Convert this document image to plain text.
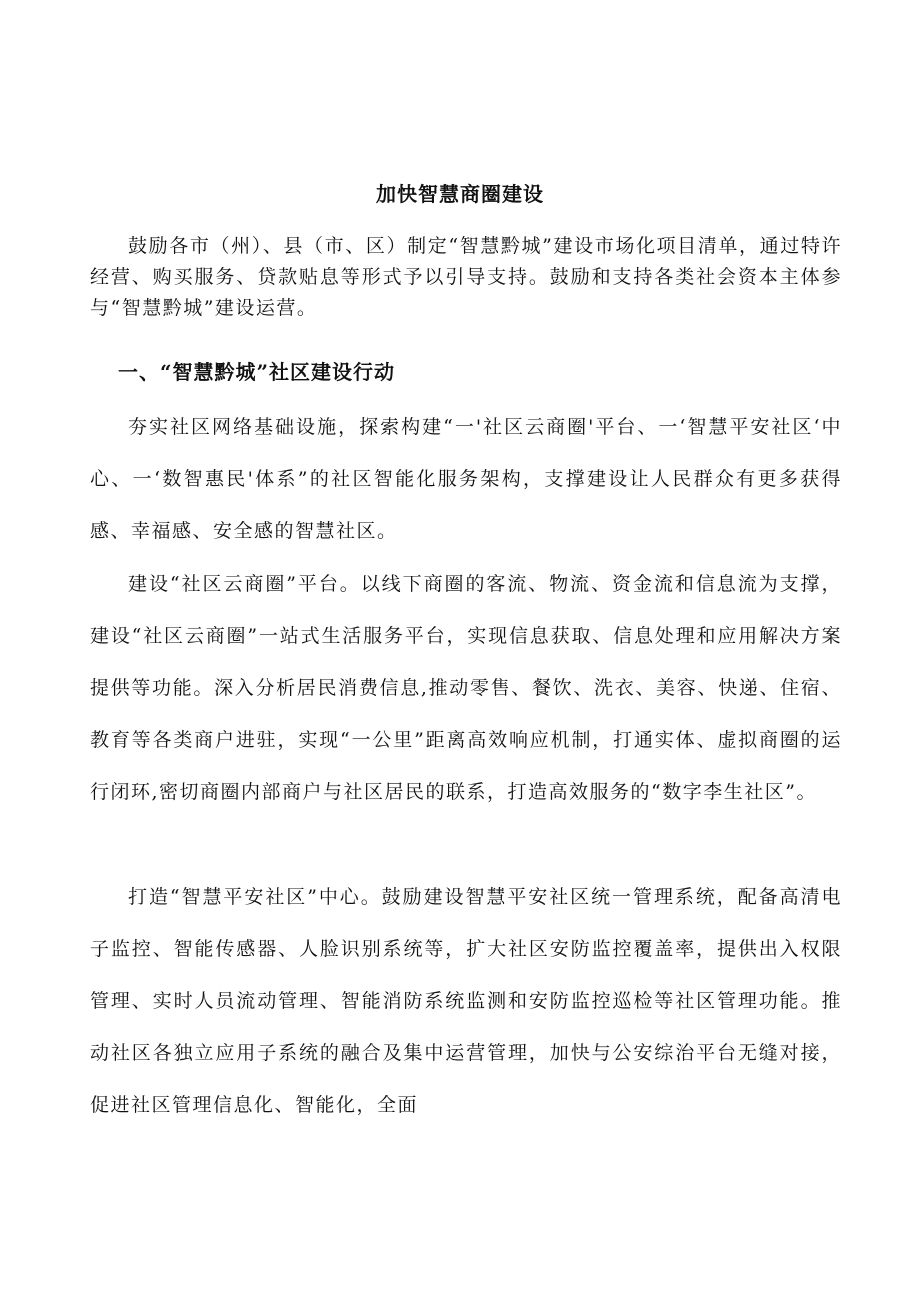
加快智慧商圈建设

鼓励各市（州）、县（市、区）制定“智慧黔城”建设市场化项目清单，通过特许经营、购买服务、贷款贴息等形式予以引导支持。鼓励和支持各类社会资本主体参与“智慧黔城”建设运营。

一、“智慧黔城”社区建设行动

夯实社区网络基础设施，探索构建“一'社区云商圈'平台、一‘智慧平安社区‘中心、一‘数智惠民'体系”的社区智能化服务架构，支撑建设让人民群众有更多获得感、幸福感、安全感的智慧社区。

建设“社区云商圈”平台。以线下商圈的客流、物流、资金流和信息流为支撑，建设“社区云商圈”一站式生活服务平台，实现信息获取、信息处理和应用解决方案提供等功能。深入分析居民消费信息,推动零售、餐饮、洗衣、美容、快递、住宿、教育等各类商户进驻，实现“一公里”距离高效响应机制，打通实体、虚拟商圈的运行闭环,密切商圈内部商户与社区居民的联系，打造高效服务的“数字李生社区”。

打造“智慧平安社区”中心。鼓励建设智慧平安社区统一管理系统，配备高清电子监控、智能传感器、人脸识别系统等，扩大社区安防监控覆盖率，提供出入权限管理、实时人员流动管理、智能消防系统监测和安防监控巡检等社区管理功能。推动社区各独立应用子系统的融合及集中运营管理，加快与公安综治平台无缝对接，促进社区管理信息化、智能化，全面
